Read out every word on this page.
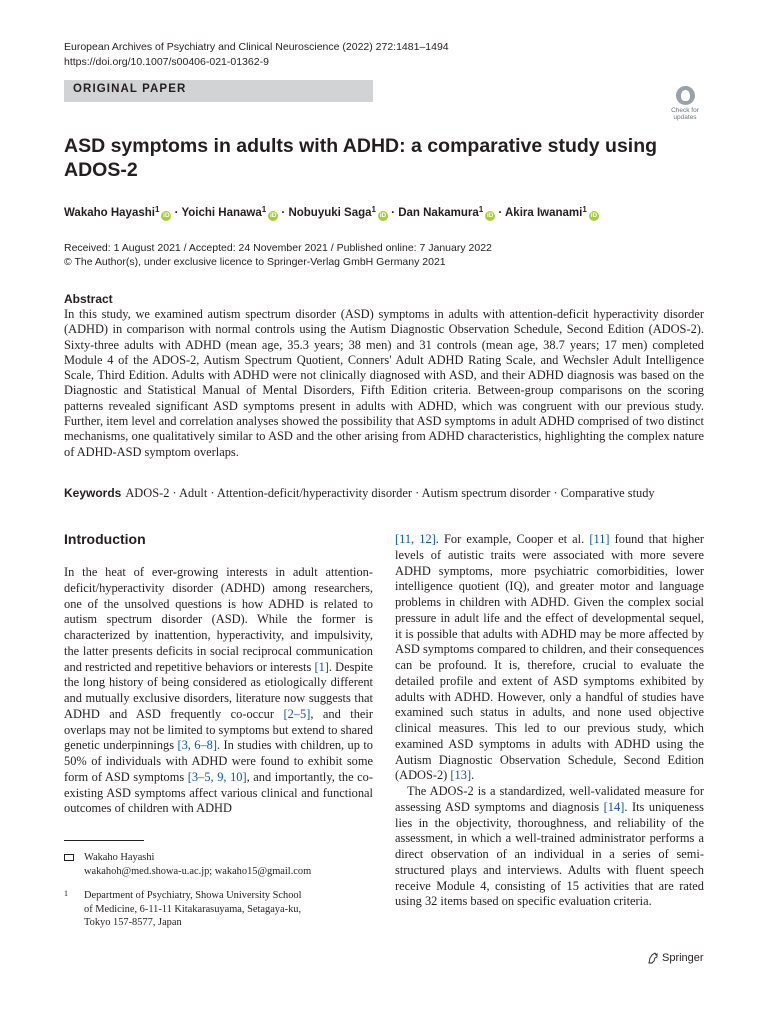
European Archives of Psychiatry and Clinical Neuroscience (2022) 272:1481–1494
https://doi.org/10.1007/s00406-021-01362-9
ORIGINAL PAPER
Check for
updates
ASD symptoms in adults with ADHD: a comparative study using ADOS-2
Wakaho Hayashi$^1$iD · Yoichi Hanawa$^1$iD · Nobuyuki Saga$^1$iD · Dan Nakamura$^1$iD · Akira Iwanami$^1$iD
Received: 1 August 2021 / Accepted: 24 November 2021 / Published online: 7 January 2022
© The Author(s), under exclusive licence to Springer-Verlag GmbH Germany 2021
Abstract

In this study, we examined autism spectrum disorder (ASD) symptoms in adults with attention-deficit hyperactivity disorder (ADHD) in comparison with normal controls using the Autism Diagnostic Observation Schedule, Second Edition (ADOS-2). Sixty-three adults with ADHD (mean age, 35.3 years; 38 men) and 31 controls (mean age, 38.7 years; 17 men) completed Module 4 of the ADOS-2, Autism Spectrum Quotient, Conners' Adult ADHD Rating Scale, and Wechsler Adult Intelligence Scale, Third Edition. Adults with ADHD were not clinically diagnosed with ASD, and their ADHD diagnosis was based on the Diagnostic and Statistical Manual of Mental Disorders, Fifth Edition criteria. Between-group comparisons on the scoring patterns revealed significant ASD symptoms present in adults with ADHD, which was congruent with our previous study. Further, item level and correlation analyses showed the possibility that ASD symptoms in adult ADHD comprised of two distinct mechanisms, one qualitatively similar to ASD and the other arising from ADHD characteristics, highlighting the complex nature of ADHD-ASD symptom overlaps.

Keywords ADOS-2 · Adult · Attention-deficit/hyperactivity disorder · Autism spectrum disorder · Comparative study
Introduction

In the heat of ever-growing interests in adult attention-deficit/hyperactivity disorder (ADHD) among researchers, one of the unsolved questions is how ADHD is related to autism spectrum disorder (ASD). While the former is characterized by inattention, hyperactivity, and impulsivity, the latter presents deficits in social reciprocal communication and restricted and repetitive behaviors or interests [1]. Despite the long history of being considered as etiologically different and mutually exclusive disorders, literature now suggests that ADHD and ASD frequently co-occur [2–5], and their overlaps may not be limited to symptoms but extend to shared genetic underpinnings [3, 6–8]. In studies with children, up to 50% of individuals with ADHD were found to exhibit some form of ASD symptoms [3–5, 9, 10], and importantly, the co-existing ASD symptoms affect various clinical and functional outcomes of children with ADHD

[11, 12]. For example, Cooper et al. [11] found that higher levels of autistic traits were associated with more severe ADHD symptoms, more psychiatric comorbidities, lower intelligence quotient (IQ), and greater motor and language problems in children with ADHD. Given the complex social pressure in adult life and the effect of developmental sequel, it is possible that adults with ADHD may be more affected by ASD symptoms compared to children, and their consequences can be profound. It is, therefore, crucial to evaluate the detailed profile and extent of ASD symptoms exhibited by adults with ADHD. However, only a handful of studies have examined such status in adults, and none used objective clinical measures. This led to our previous study, which examined ASD symptoms in adults with ADHD using the Autism Diagnostic Observation Schedule, Second Edition (ADOS-2) [13].

The ADOS-2 is a standardized, well-validated measure for assessing ASD symptoms and diagnosis [14]. Its uniqueness lies in the objectivity, thoroughness, and reliability of the assessment, in which a well-trained administrator performs a direct observation of an individual in a series of semi-structured plays and interviews. Adults with fluent speech receive Module 4, consisting of 15 activities that are rated using 32 items based on specific evaluation criteria.

Wakaho Hayashi
wakahoh@med.showa-u.ac.jp; wakaho15@gmail.com
1	Department of Psychiatry, Showa University School
of Medicine, 6-11-11 Kitakarasuyama, Setagaya-ku,
Tokyo 157-8577, Japan
Springer
